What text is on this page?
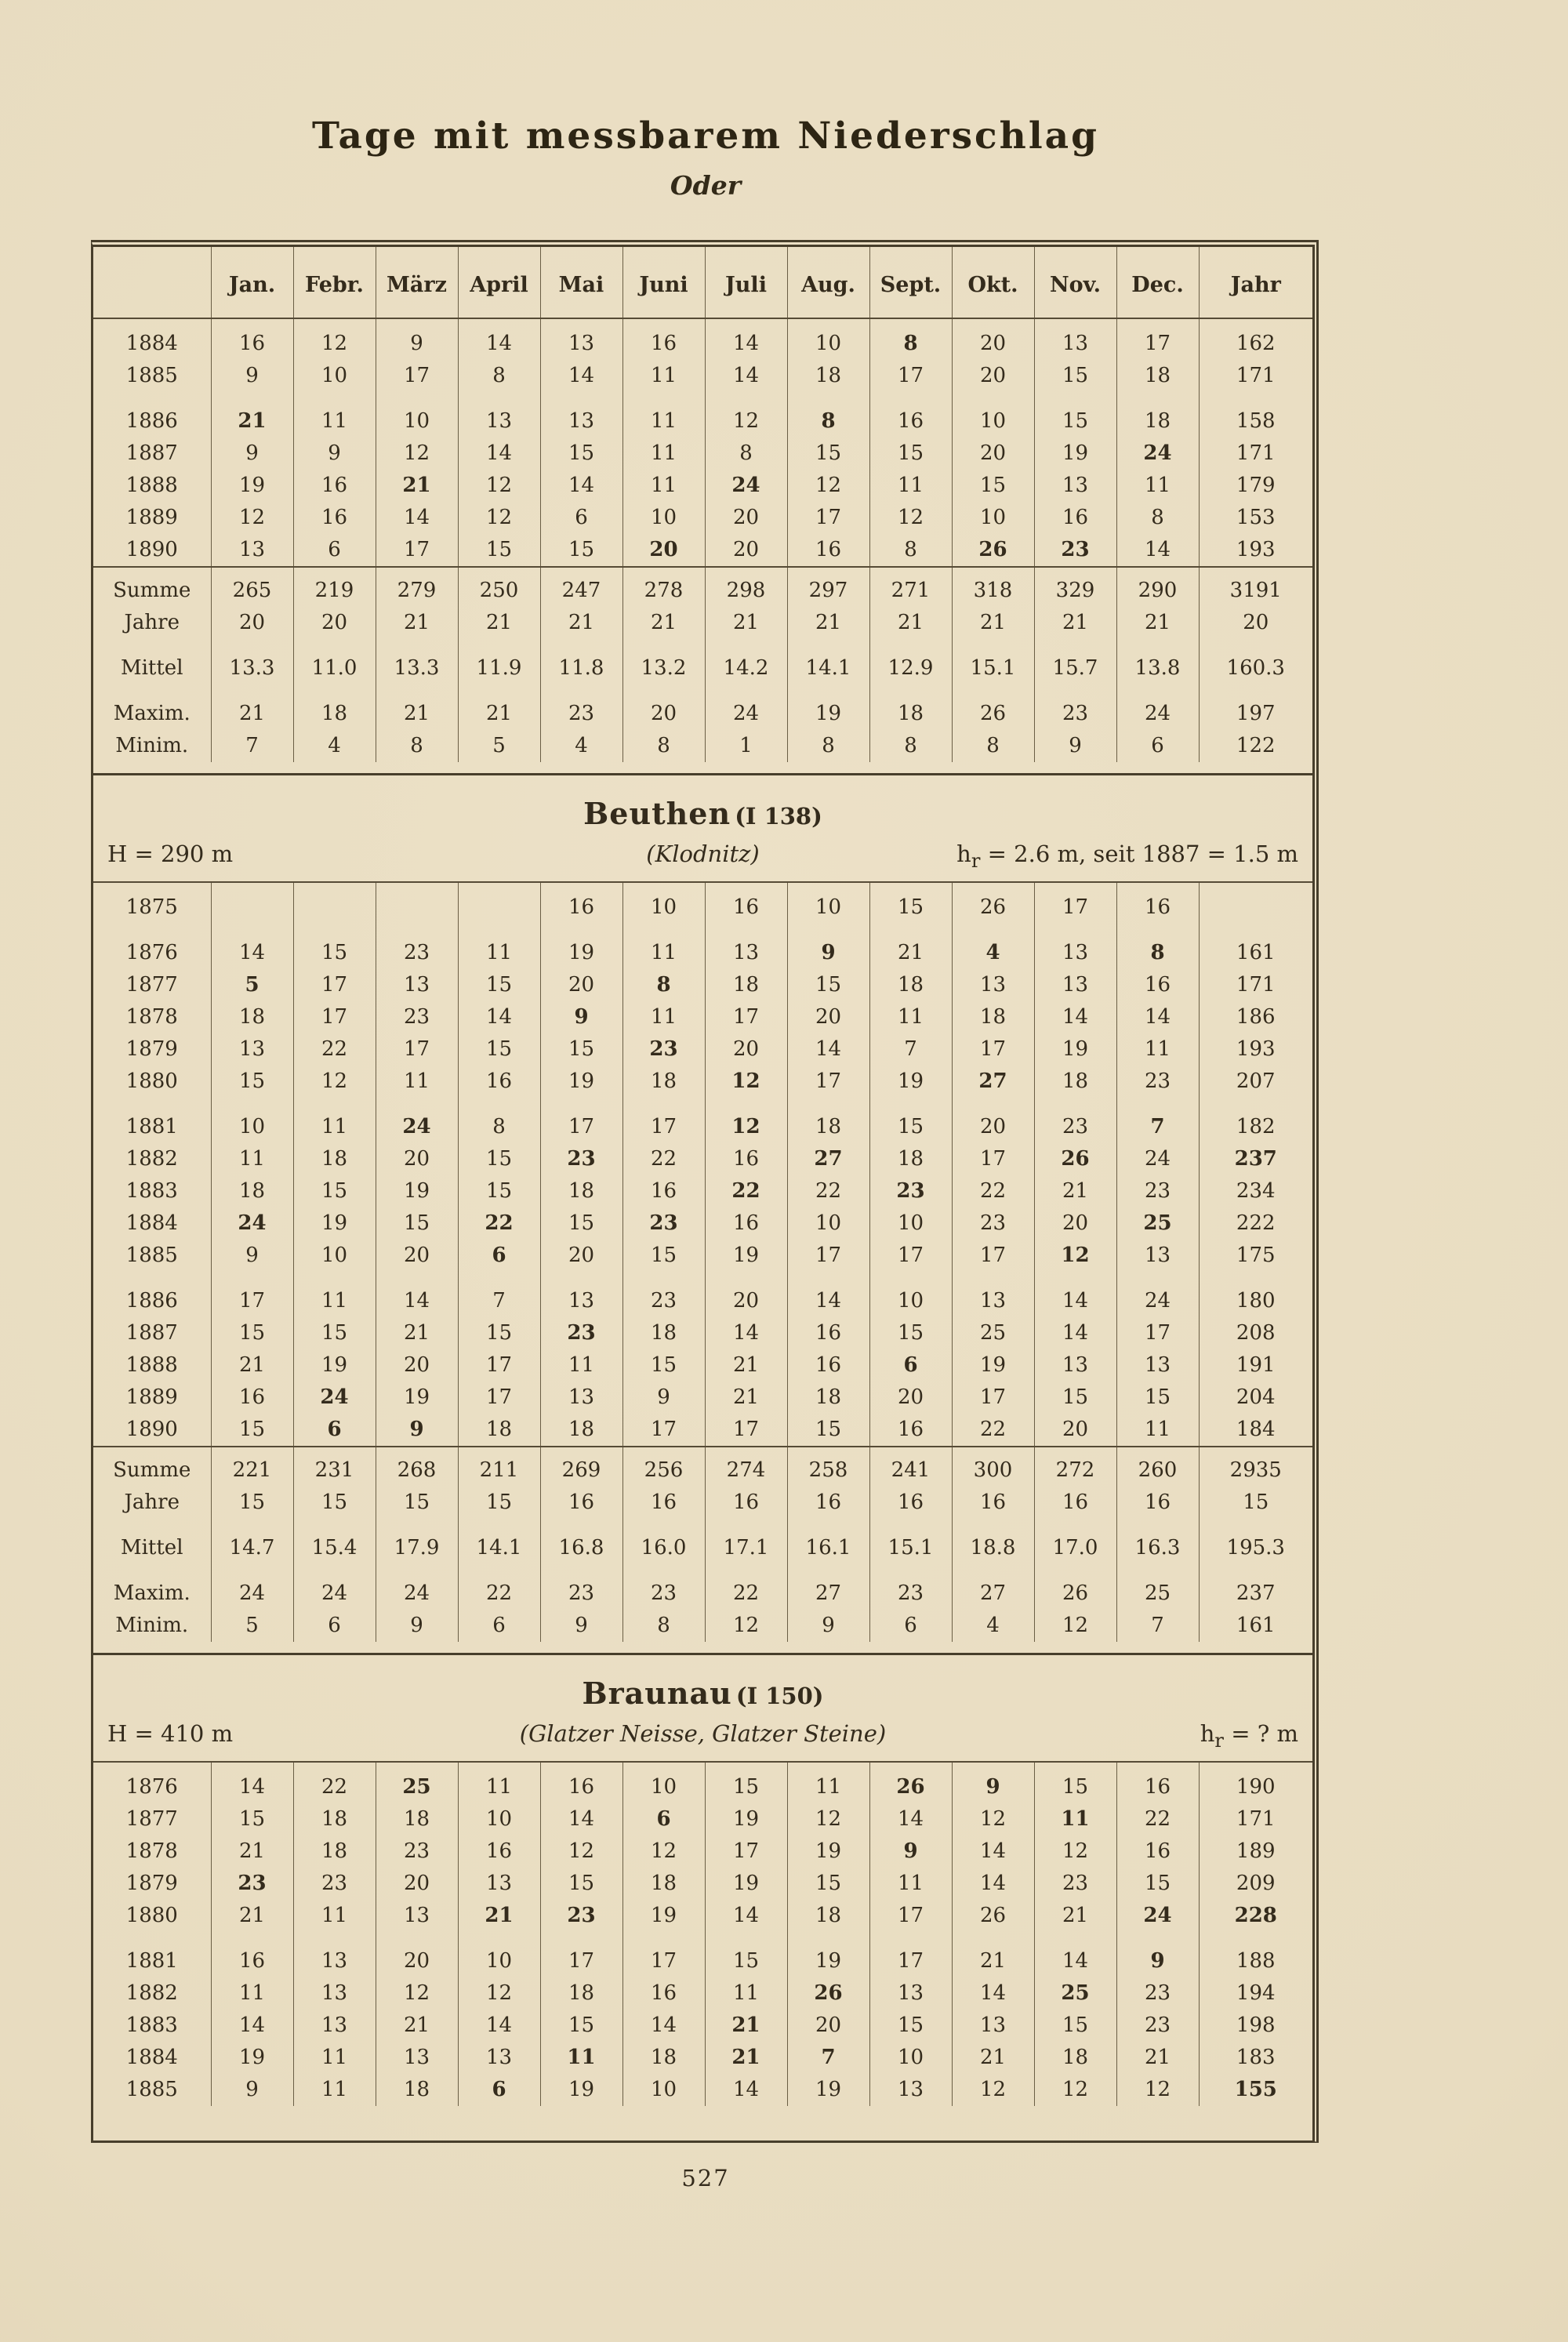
Tage mit messbarem Niederschlag
Oder
	Jan.	Febr.	März	April	Mai	Juni	Juli	Aug.	Sept.	Okt.	Nov.	Dec.	Jahr
1884	16	12	9	14	13	16	14	10	8	20	13	17	162
1885	9	10	17	8	14	11	14	18	17	20	15	18	171
1886	21	11	10	13	13	11	12	8	16	10	15	18	158
1887	9	9	12	14	15	11	8	15	15	20	19	24	171
1888	19	16	21	12	14	11	24	12	11	15	13	11	179
1889	12	16	14	12	6	10	20	17	12	10	16	8	153
1890	13	6	17	15	15	20	20	16	8	26	23	14	193
Summe	265	219	279	250	247	278	298	297	271	318	329	290	3191
Jahre	20	20	21	21	21	21	21	21	21	21	21	21	20
Mittel	13.3	11.0	13.3	11.9	11.8	13.2	14.2	14.1	12.9	15.1	15.7	13.8	160.3
Maxim.	21	18	21	21	23	20	24	19	18	26	23	24	197
Minim.	7	4	8	5	4	8	1	8	8	8	9	6	122
Beuthen (I 138)
H = 290 m	(Klodnitz)	$h_r = 2.6$ m, seit 1887 = 1.5 m
1875					16	10	16	10	15	26	17	16	
1876	14	15	23	11	19	11	13	9	21	4	13	8	161
1877	5	17	13	15	20	8	18	15	18	13	13	16	171
1878	18	17	23	14	9	11	17	20	11	18	14	14	186
1879	13	22	17	15	15	23	20	14	7	17	19	11	193
1880	15	12	11	16	19	18	12	17	19	27	18	23	207
1881	10	11	24	8	17	17	12	18	15	20	23	7	182
1882	11	18	20	15	23	22	16	27	18	17	26	24	237
1883	18	15	19	15	18	16	22	22	23	22	21	23	234
1884	24	19	15	22	15	23	16	10	10	23	20	25	222
1885	9	10	20	6	20	15	19	17	17	17	12	13	175
1886	17	11	14	7	13	23	20	14	10	13	14	24	180
1887	15	15	21	15	23	18	14	16	15	25	14	17	208
1888	21	19	20	17	11	15	21	16	6	19	13	13	191
1889	16	24	19	17	13	9	21	18	20	17	15	15	204
1890	15	6	9	18	18	17	17	15	16	22	20	11	184
Summe	221	231	268	211	269	256	274	258	241	300	272	260	2935
Jahre	15	15	15	15	16	16	16	16	16	16	16	16	15
Mittel	14.7	15.4	17.9	14.1	16.8	16.0	17.1	16.1	15.1	18.8	17.0	16.3	195.3
Maxim.	24	24	24	22	23	23	22	27	23	27	26	25	237
Minim.	5	6	9	6	9	8	12	9	6	4	12	7	161
Braunau (I 150)
H = 410 m	(Glatzer Neisse, Glatzer Steine)	$h_r$ = ? m
1876	14	22	25	11	16	10	15	11	26	9	15	16	190
1877	15	18	18	10	14	6	19	12	14	12	11	22	171
1878	21	18	23	16	12	12	17	19	9	14	12	16	189
1879	23	23	20	13	15	18	19	15	11	14	23	15	209
1880	21	11	13	21	23	19	14	18	17	26	21	24	228
1881	16	13	20	10	17	17	15	19	17	21	14	9	188
1882	11	13	12	12	18	16	11	26	13	14	25	23	194
1883	14	13	21	14	15	14	21	20	15	13	15	23	198
1884	19	11	13	13	11	18	21	7	10	21	18	21	183
1885	9	11	18	6	19	10	14	19	13	12	12	12	155
527
